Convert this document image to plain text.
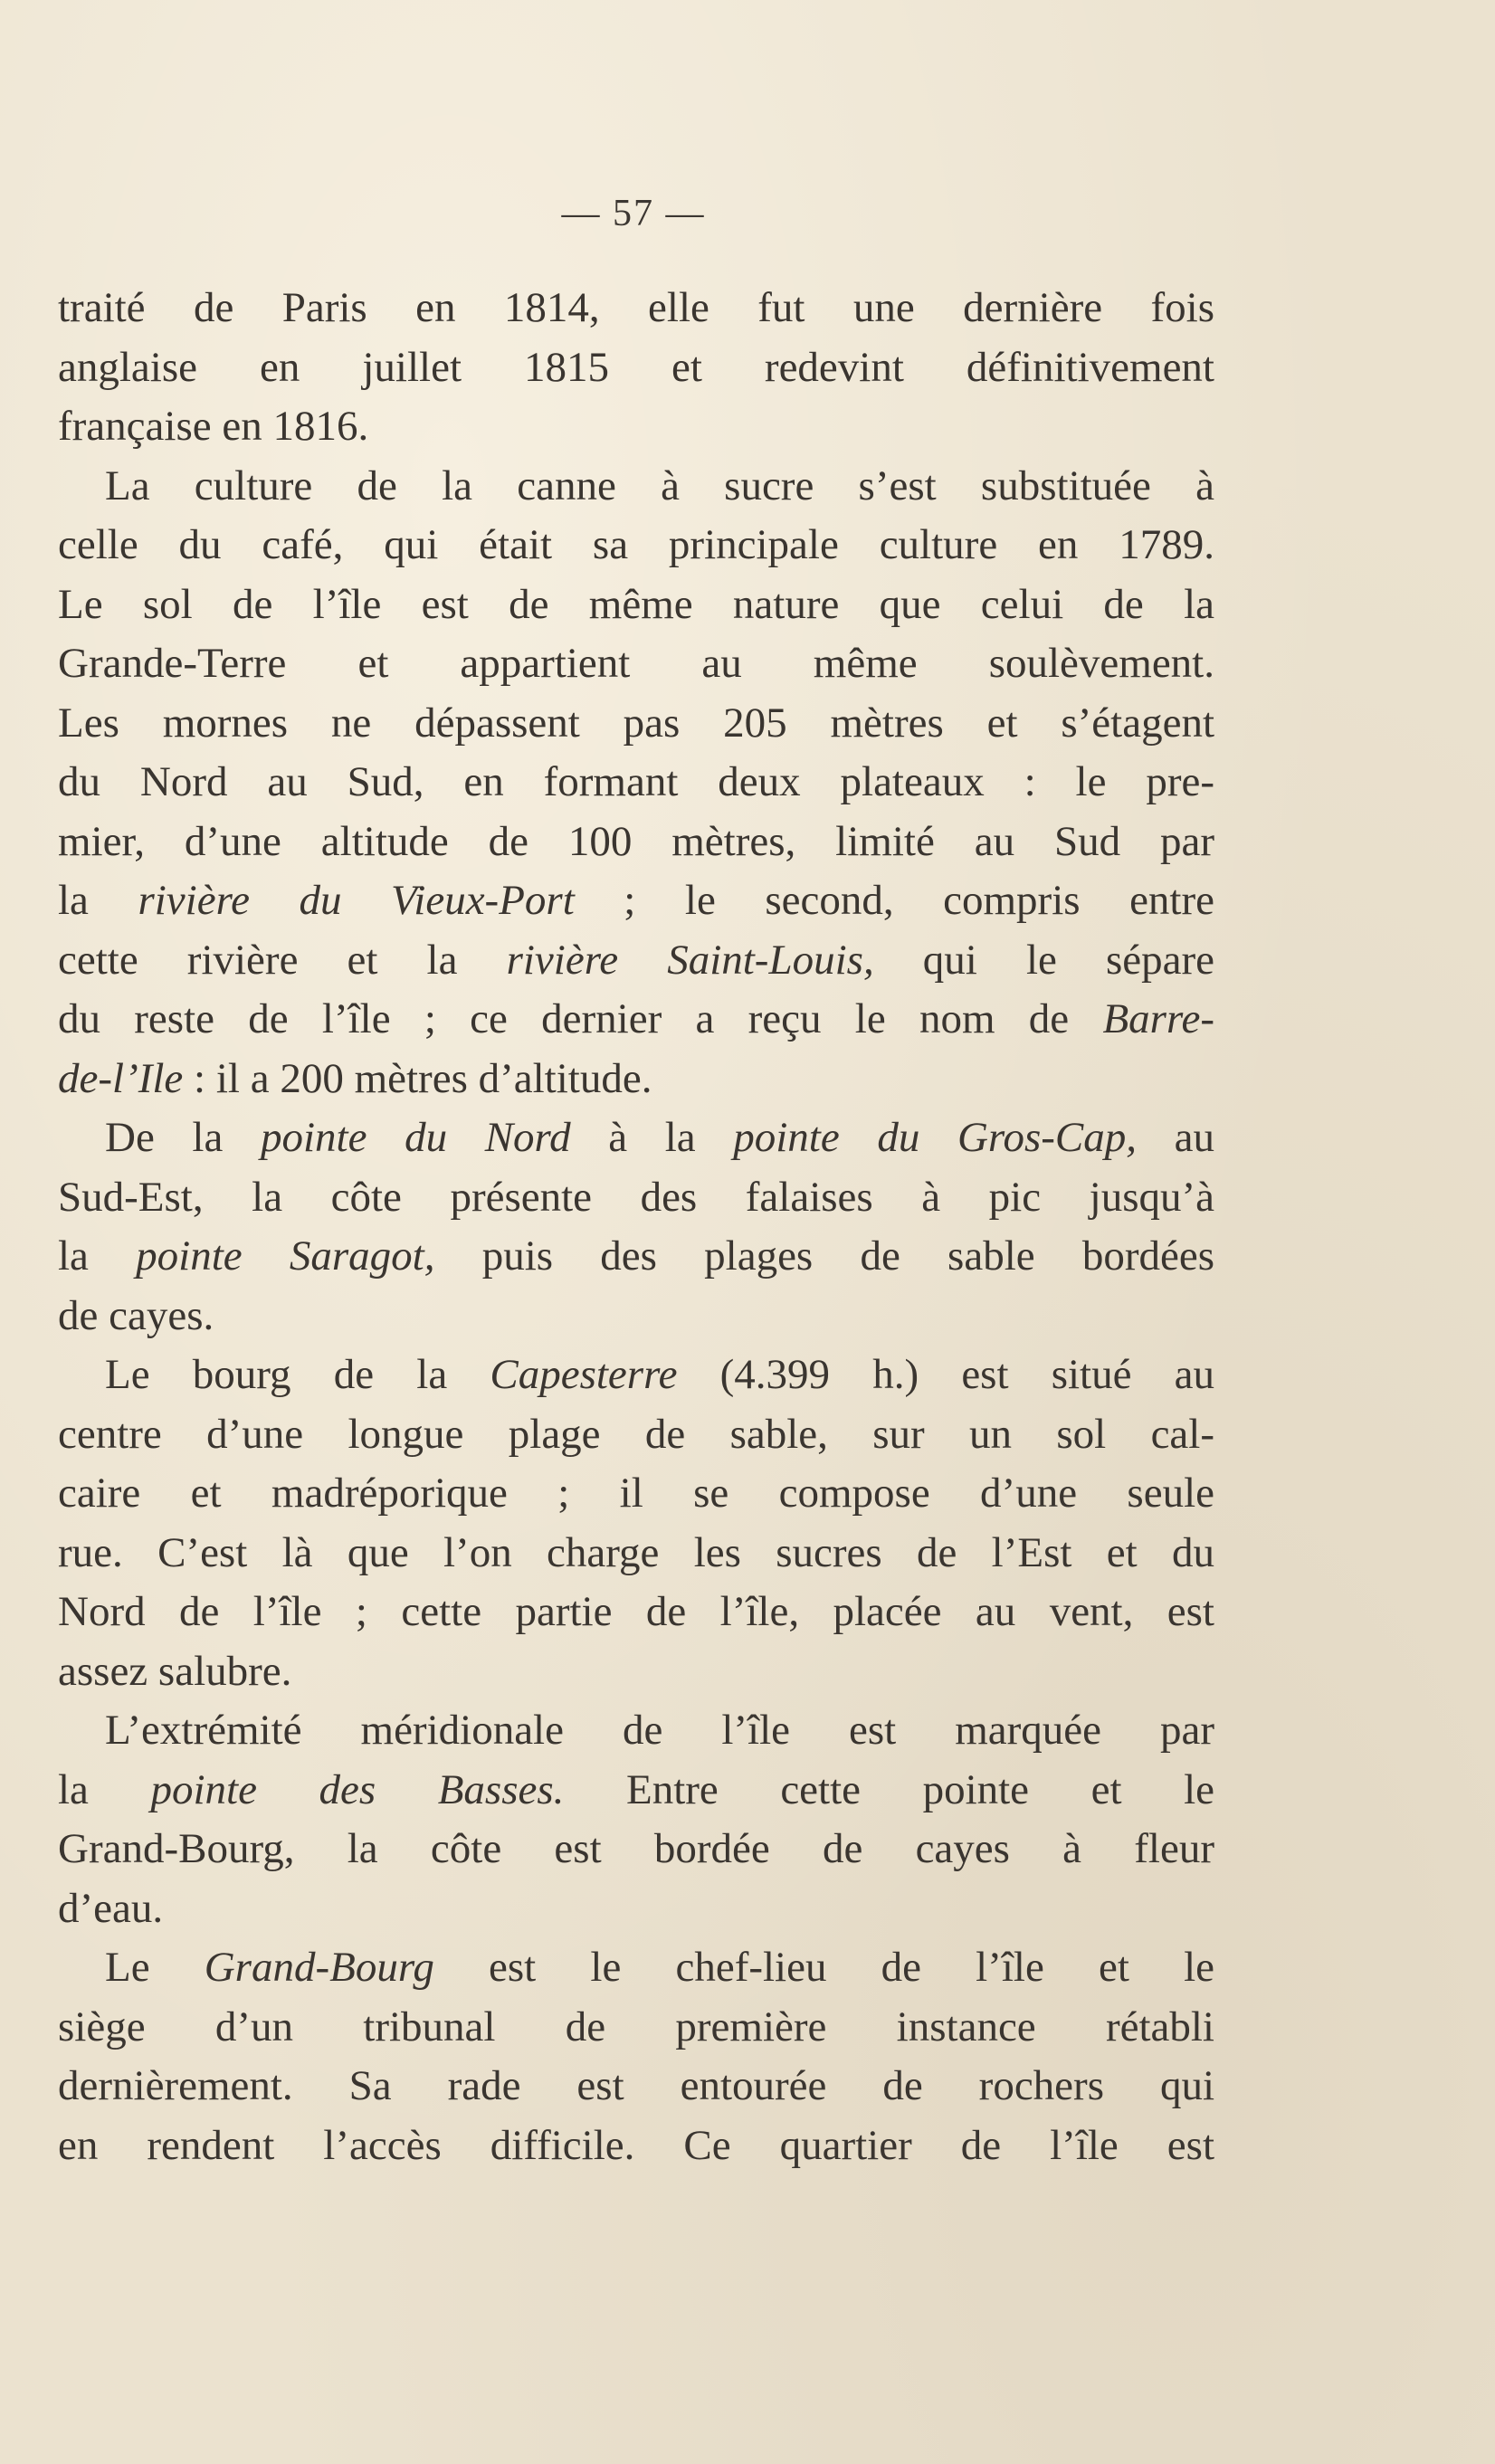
— 57 —
traité de Paris en 1814, elle fut une dernière fois
anglaise en juillet 1815 et redevint définitivement
française en 1816.
La culture de la canne à sucre s’est substituée à
celle du café, qui était sa principale culture en 1789.
Le sol de l’île est de même nature que celui de la
Grande-Terre et appartient au même soulèvement.
Les mornes ne dépassent pas 205 mètres et s’étagent
du Nord au Sud, en formant deux plateaux : le pre-
mier, d’une altitude de 100 mètres, limité au Sud par
la rivière du Vieux-Port ; le second, compris entre
cette rivière et la rivière Saint-Louis, qui le sépare
du reste de l’île ; ce dernier a reçu le nom de Barre-
de-l’Ile : il a 200 mètres d’altitude.
De la pointe du Nord à la pointe du Gros-Cap, au
Sud-Est, la côte présente des falaises à pic jusqu’à
la pointe Saragot, puis des plages de sable bordées
de cayes.
Le bourg de la Capesterre (4.399 h.) est situé au
centre d’une longue plage de sable, sur un sol cal-
caire et madréporique ; il se compose d’une seule
rue. C’est là que l’on charge les sucres de l’Est et du
Nord de l’île ; cette partie de l’île, placée au vent, est
assez salubre.
L’extrémité méridionale de l’île est marquée par
la pointe des Basses. Entre cette pointe et le
Grand-Bourg, la côte est bordée de cayes à fleur
d’eau.
Le Grand-Bourg est le chef-lieu de l’île et le
siège d’un tribunal de première instance rétabli
dernièrement. Sa rade est entourée de rochers qui
en rendent l’accès difficile. Ce quartier de l’île est
